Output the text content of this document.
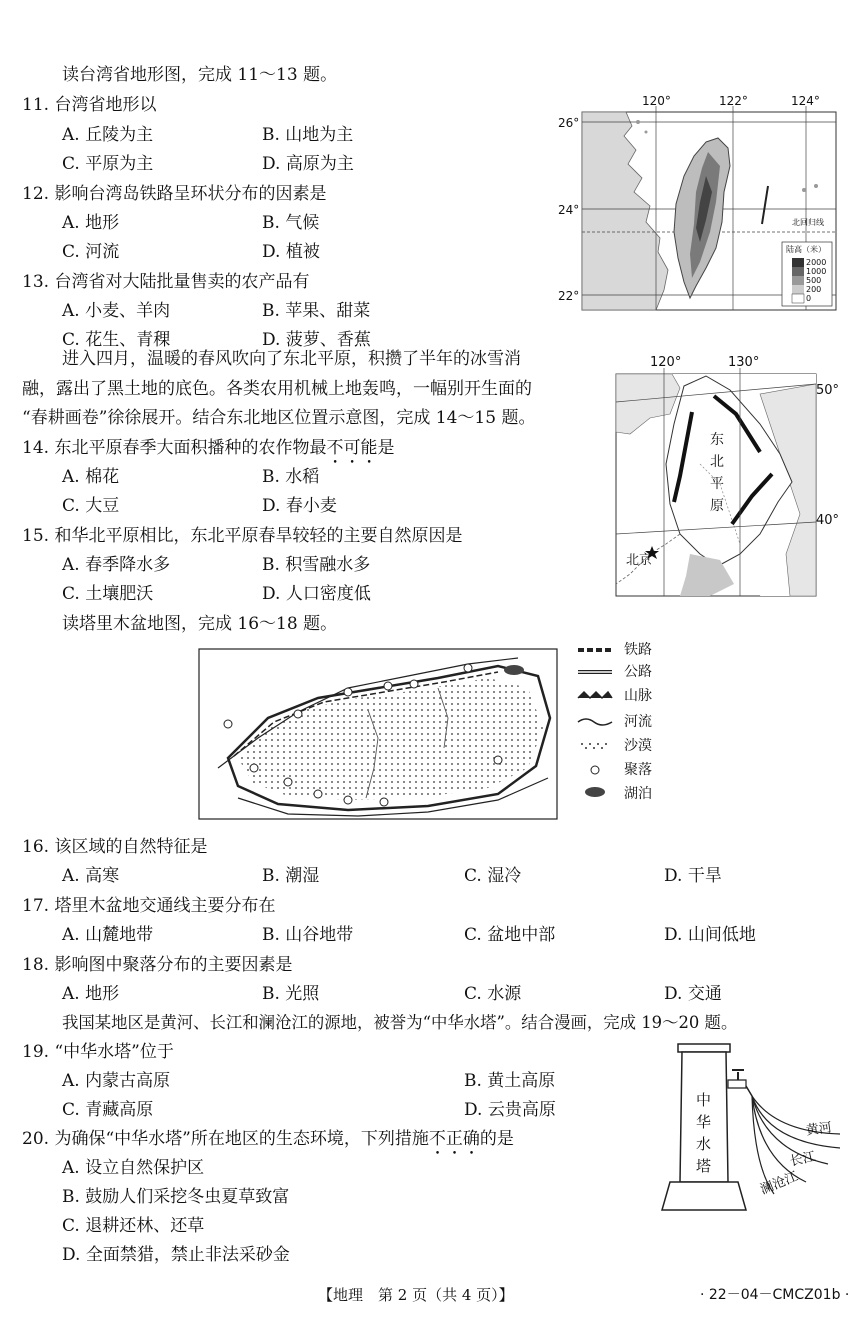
读台湾省地形图，完成 11～13 题。
11. 台湾省地形以
A. 丘陵为主	B. 山地为主
C. 平原为主	D. 高原为主
12. 影响台湾岛铁路呈环状分布的因素是
A. 地形	B. 气候
C. 河流	D. 植被
13. 台湾省对大陆批量售卖的农产品有
A. 小麦、羊肉	B. 苹果、甜菜
C. 花生、青稞	D. 菠萝、香蕉
120°	122°	124°
26°
24°
22°
北回归线
陆高（米）
2000
1000
500
200
0
进入四月，温暖的春风吹向了东北平原，积攒了半年的冰雪消
融，露出了黑土地的底色。各类农用机械上地轰鸣，一幅别开生面的
“春耕画卷”徐徐展开。结合东北地区位置示意图，完成 14～15 题。
14. 东北平原春季大面积播种的农作物最不可能是
A. 棉花	B. 水稻
C. 大豆	D. 春小麦
15. 和华北平原相比，东北平原春旱较轻的主要自然原因是
A. 春季降水多	B. 积雪融水多
C. 土壤肥沃	D. 人口密度低
120°	130°
50°
40°
东
北
平
原
北京
读塔里木盆地图，完成 16～18 题。
铁路
公路
山脉
河流
沙漠
聚落
湖泊
16. 该区域的自然特征是
A. 高寒	B. 潮湿	C. 湿冷	D. 干旱
17. 塔里木盆地交通线主要分布在
A. 山麓地带	B. 山谷地带	C. 盆地中部	D. 山间低地
18. 影响图中聚落分布的主要因素是
A. 地形	B. 光照	C. 水源	D. 交通
我国某地区是黄河、长江和澜沧江的源地，被誉为“中华水塔”。结合漫画，完成 19～20 题。
19. “中华水塔”位于
A. 内蒙古高原	B. 黄土高原
C. 青藏高原	D. 云贵高原
20. 为确保“中华水塔”所在地区的生态环境，下列措施不正确的是
A. 设立自然保护区
B. 鼓励人们采挖冬虫夏草致富
C. 退耕还林、还草
D. 全面禁猎，禁止非法采砂金
中
华
水
塔
黄河
长江
澜沧江
【地理　第 2 页（共 4 页）】	· 22－04－CMCZ01b ·
